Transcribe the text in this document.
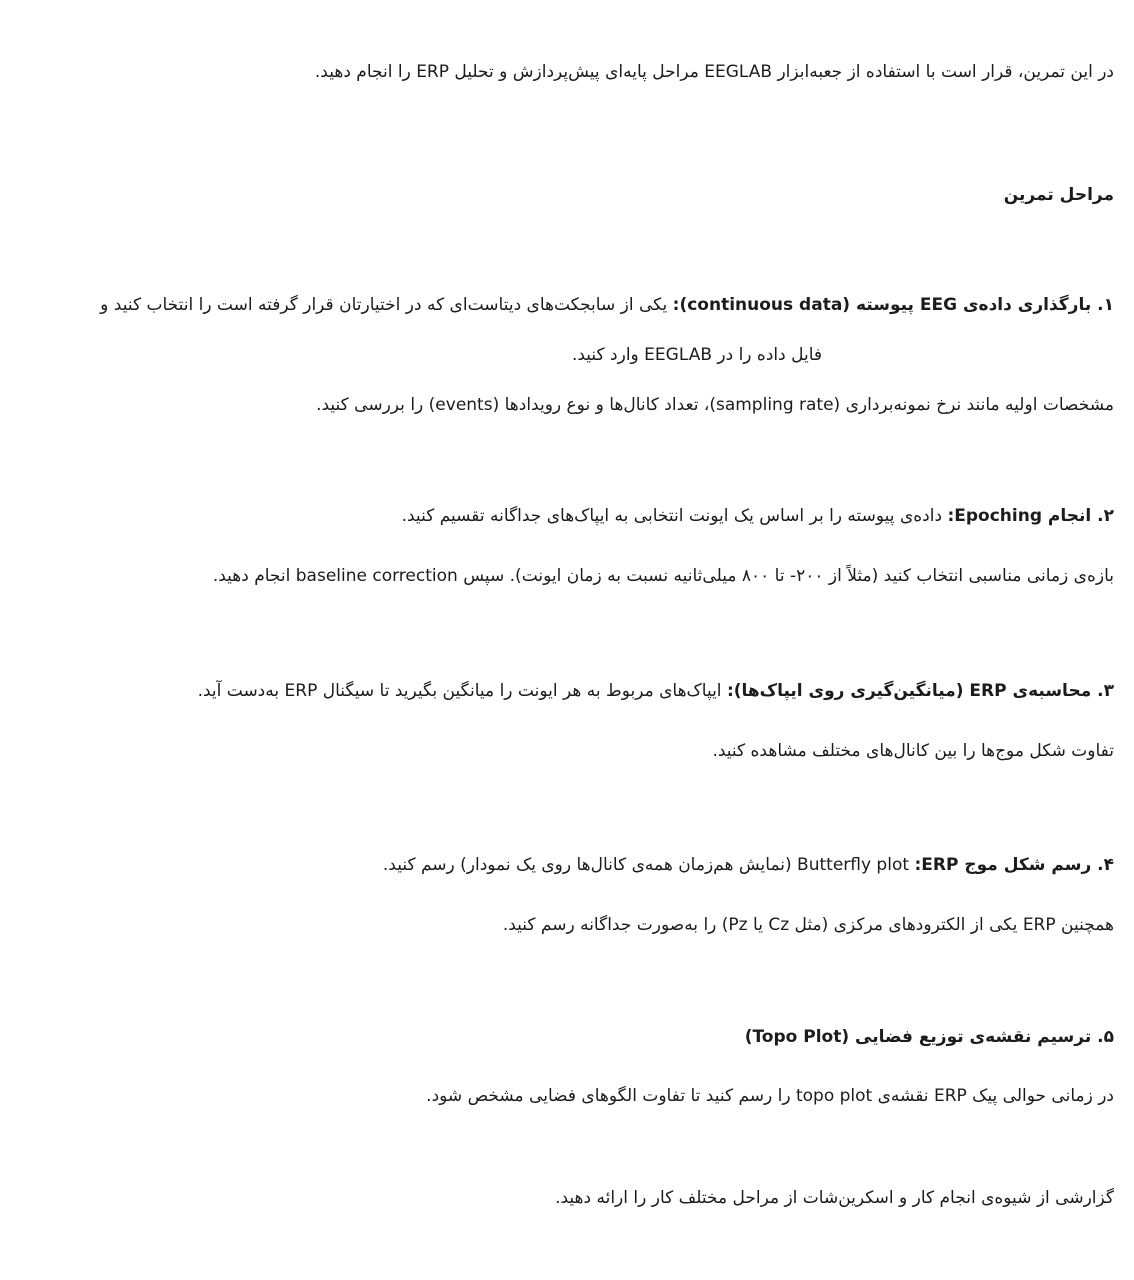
در این تمرین، قرار است با استفاده از جعبه‌ابزار EEGLAB مراحل پایه‌ای پیش‌پردازش و تحلیل ERP را انجام دهید.
مراحل تمرین
۱. بارگذاری داده‌ی EEG پیوسته (continuous data): یکی از سابجکت‌های دیتاست‌ای که در اختیارتان قرار گرفته است را انتخاب کنید و
فایل داده را در EEGLAB وارد کنید.
مشخصات اولیه مانند نرخ نمونه‌برداری (sampling rate)، تعداد کانال‌ها و نوع رویدادها (events) را بررسی کنید.
۲. انجام Epoching: داده‌ی پیوسته را بر اساس یک ایونت انتخابی به ایپاک‌های جداگانه تقسیم کنید.
بازه‌ی زمانی مناسبی انتخاب کنید (مثلاً از ۲۰۰- تا ۸۰۰ میلی‌ثانیه نسبت به زمان ایونت). سپس baseline correction انجام دهید.
۳. محاسبه‌ی ERP (میانگین‌گیری روی ایپاک‌ها): ایپاک‌های مربوط به هر ایونت را میانگین بگیرید تا سیگنال ERP به‌دست آید.
تفاوت شکل موج‌ها را بین کانال‌های مختلف مشاهده کنید.
۴. رسم شکل موج ERP: Butterfly plot (نمایش هم‌زمان همه‌ی کانال‌ها روی یک نمودار) رسم کنید.
همچنین ERP یکی از الکترودهای مرکزی (مثل Cz یا Pz) را به‌صورت جداگانه رسم کنید.
۵. ترسیم نقشه‌ی توزیع فضایی (Topo Plot)
در زمانی حوالی پیک ERP نقشه‌ی topo plot را رسم کنید تا تفاوت الگوهای فضایی مشخص شود.
گزارشی از شیوه‌ی انجام کار و اسکرین‌شات از مراحل مختلف کار را ارائه دهید.
